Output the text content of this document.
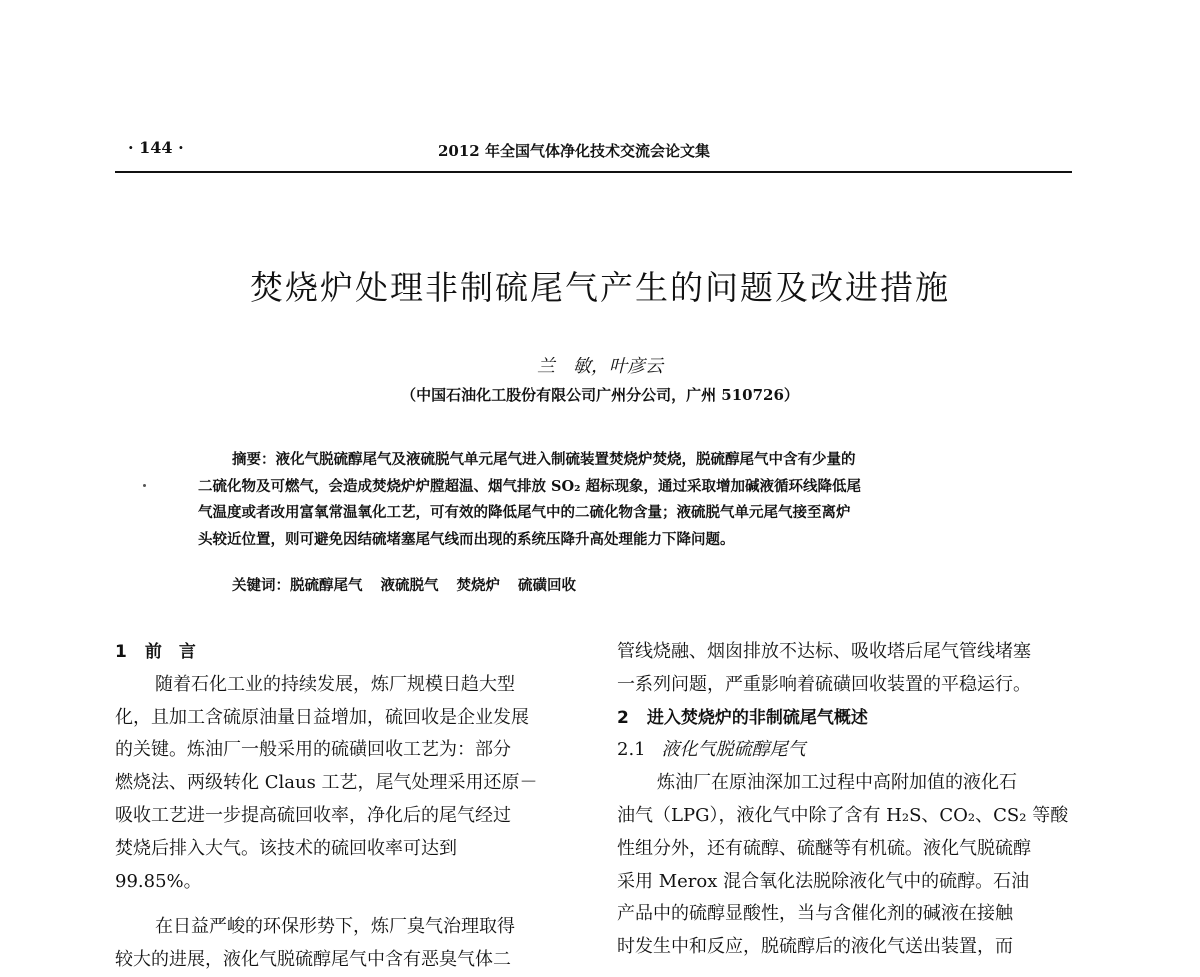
· 144 ·	2012 年全国气体净化技术交流会论文集
焚烧炉处理非制硫尾气产生的问题及改进措施
兰　敏，叶彦云
（中国石油化工股份有限公司广州分公司，广州 510726）
摘要：液化气脱硫醇尾气及液硫脱气单元尾气进入制硫装置焚烧炉焚烧，脱硫醇尾气中含有少量的
二硫化物及可燃气，会造成焚烧炉炉膛超温、烟气排放 SO₂ 超标现象，通过采取增加碱液循环线降低尾
气温度或者改用富氧常温氧化工艺，可有效的降低尾气中的二硫化物含量；液硫脱气单元尾气接至离炉
头较近位置，则可避免因结硫堵塞尾气线而出现的系统压降升高处理能力下降问题。
关键词：脱硫醇尾气 液硫脱气 焚烧炉 硫磺回收
1 前　言
随着石化工业的持续发展，炼厂规模日趋大型
化，且加工含硫原油量日益增加，硫回收是企业发展
的关键。炼油厂一般采用的硫磺回收工艺为：部分
燃烧法、两级转化 Claus 工艺，尾气处理采用还原－
吸收工艺进一步提高硫回收率，净化后的尾气经过
焚烧后排入大气。该技术的硫回收率可达到
99.85%。
在日益严峻的环保形势下，炼厂臭气治理取得
较大的进展，液化气脱硫醇尾气中含有恶臭气体二
管线烧融、烟囱排放不达标、吸收塔后尾气管线堵塞
一系列问题，严重影响着硫磺回收装置的平稳运行。
2 进入焚烧炉的非制硫尾气概述
2.1 液化气脱硫醇尾气
炼油厂在原油深加工过程中高附加值的液化石
油气（LPG），液化气中除了含有 H₂S、CO₂、CS₂ 等酸
性组分外，还有硫醇、硫醚等有机硫。液化气脱硫醇
采用 Merox 混合氧化法脱除液化气中的硫醇。石油
产品中的硫醇显酸性，当与含催化剂的碱液在接触
时发生中和反应，脱硫醇后的液化气送出装置，而
